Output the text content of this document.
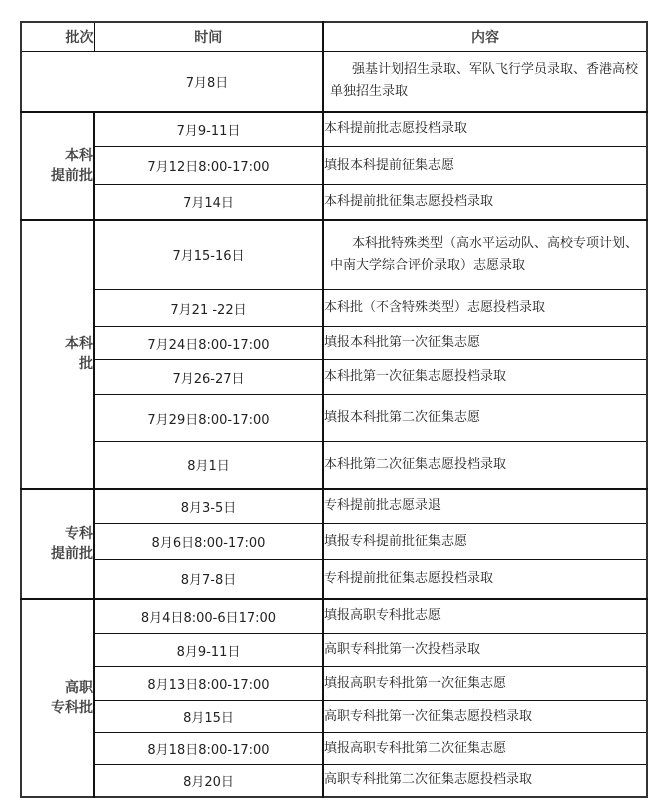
批次	时间	内容
7月8日		强基计划招生录取、军队飞行学员录取、香港高校单独招生录取

本科
提前批	7月9-11日	本科提前批志愿投档录取
	7月12日8:00-17:00	填报本科提前征集志愿
	7月14日	本科提前批征集志愿投档录取

本科
批	7月15-16日	本科批特殊类型（高水平运动队、高校专项计划、中南大学综合评价录取）志愿录取
	7月21 -22日	本科批（不含特殊类型）志愿投档录取
	7月24日8:00-17:00	填报本科批第一次征集志愿
	7月26-27日	本科批第一次征集志愿投档录取
	7月29日8:00-17:00	填报本科批第二次征集志愿
	8月1日	本科批第二次征集志愿投档录取

专科
提前批	8月3-5日	专科提前批志愿录退
	8月6日8:00-17:00	填报专科提前批征集志愿
	8月7-8日	专科提前批征集志愿投档录取

高职
专科批	8月4日8:00-6日17:00	填报高职专科批志愿
	8月9-11日	高职专科批第一次投档录取
	8月13日8:00-17:00	填报高职专科批第一次征集志愿
	8月15日	高职专科批第一次征集志愿投档录取
	8月18日8:00-17:00	填报高职专科批第二次征集志愿
	8月20日	高职专科批第二次征集志愿投档录取
